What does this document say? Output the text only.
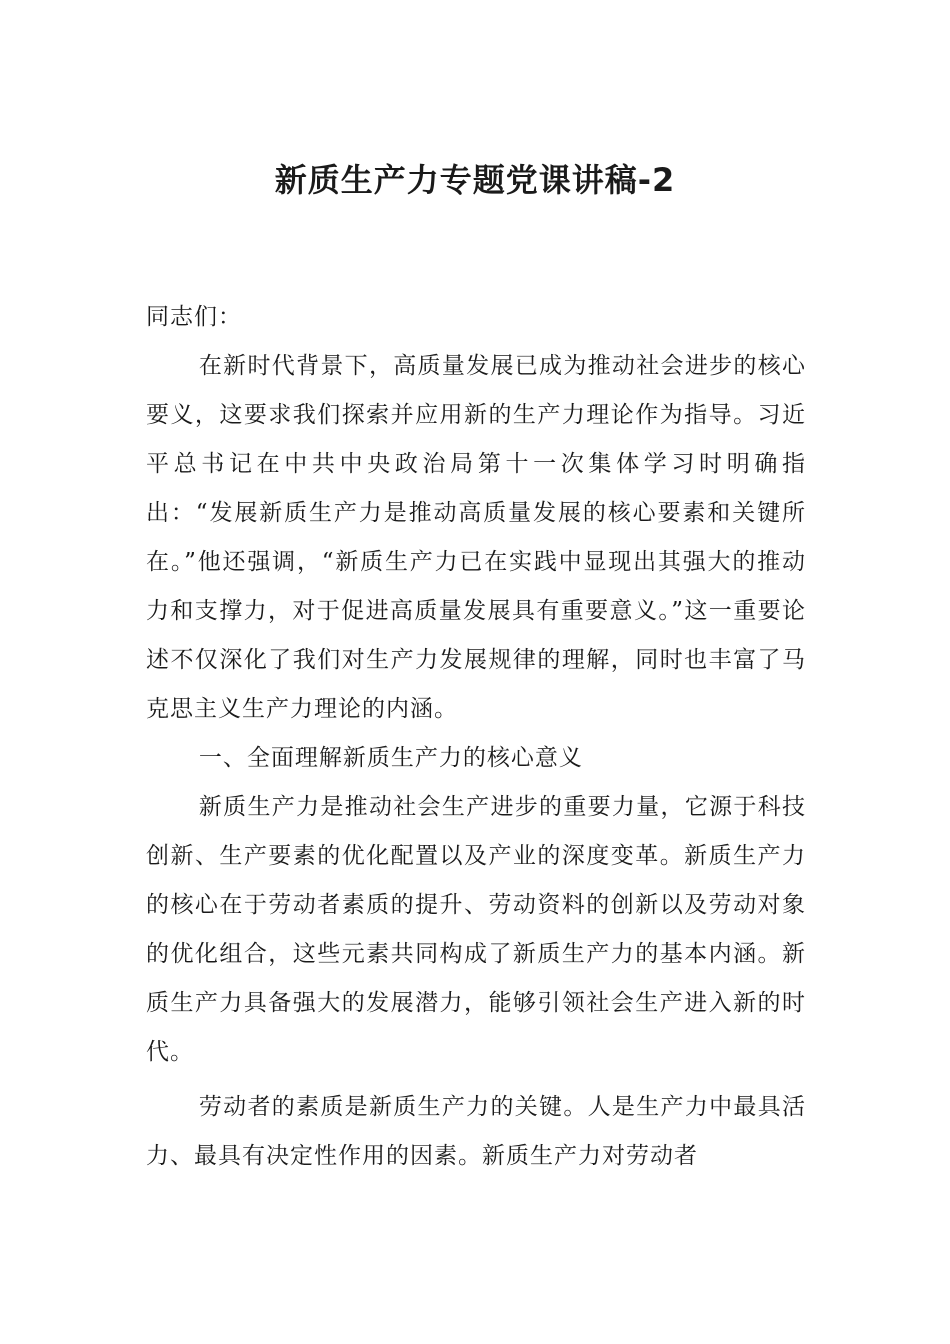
新质生产力专题党课讲稿-2

同志们：

在新时代背景下，高质量发展已成为推动社会进步的核心要义，这要求我们探索并应用新的生产力理论作为指导。习近平总书记在中共中央政治局第十一次集体学习时明确指出：“发展新质生产力是推动高质量发展的核心要素和关键所在。”他还强调，“新质生产力已在实践中显现出其强大的推动力和支撑力，对于促进高质量发展具有重要意义。”这一重要论述不仅深化了我们对生产力发展规律的理解，同时也丰富了马克思主义生产力理论的内涵。

一、全面理解新质生产力的核心意义

新质生产力是推动社会生产进步的重要力量，它源于科技创新、生产要素的优化配置以及产业的深度变革。新质生产力的核心在于劳动者素质的提升、劳动资料的创新以及劳动对象的优化组合，这些元素共同构成了新质生产力的基本内涵。新质生产力具备强大的发展潜力，能够引领社会生产进入新的时代。

劳动者的素质是新质生产力的关键。人是生产力中最具活力、最具有决定性作用的因素。新质生产力对劳动者
